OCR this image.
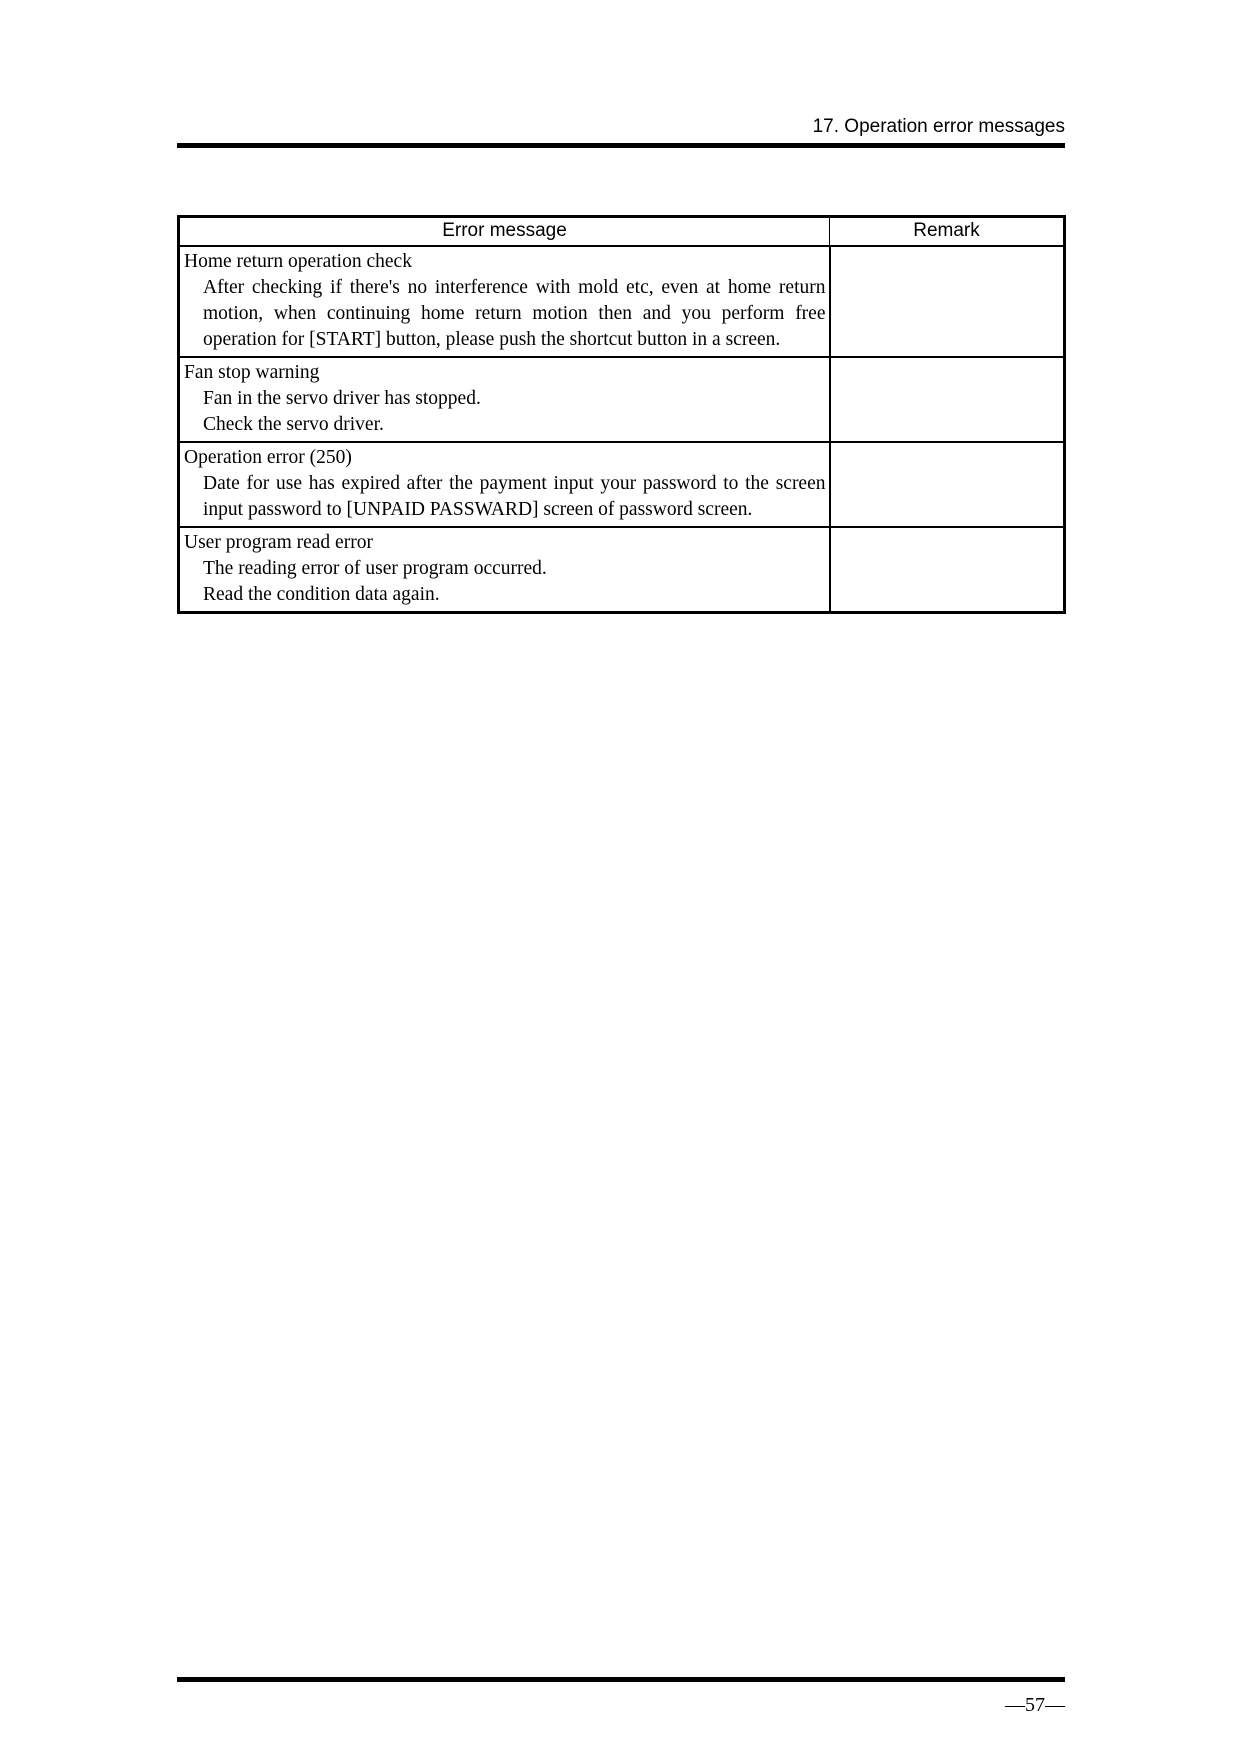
17. Operation error messages
Error message	Remark

Home return operation check
After checking if there's no interference with mold etc, even at home return motion, when continuing home return motion then and you perform free operation for [START] button, please push the shortcut button in a screen.	

Fan stop warning
Fan in the servo driver has stopped.
Check the servo driver.	

Operation error (250)
Date for use has expired after the payment input your password to the screen input password to [UNPAID PASSWARD] screen of password screen.	

User program read error
The reading error of user program occurred.
Read the condition data again.	

—57—
